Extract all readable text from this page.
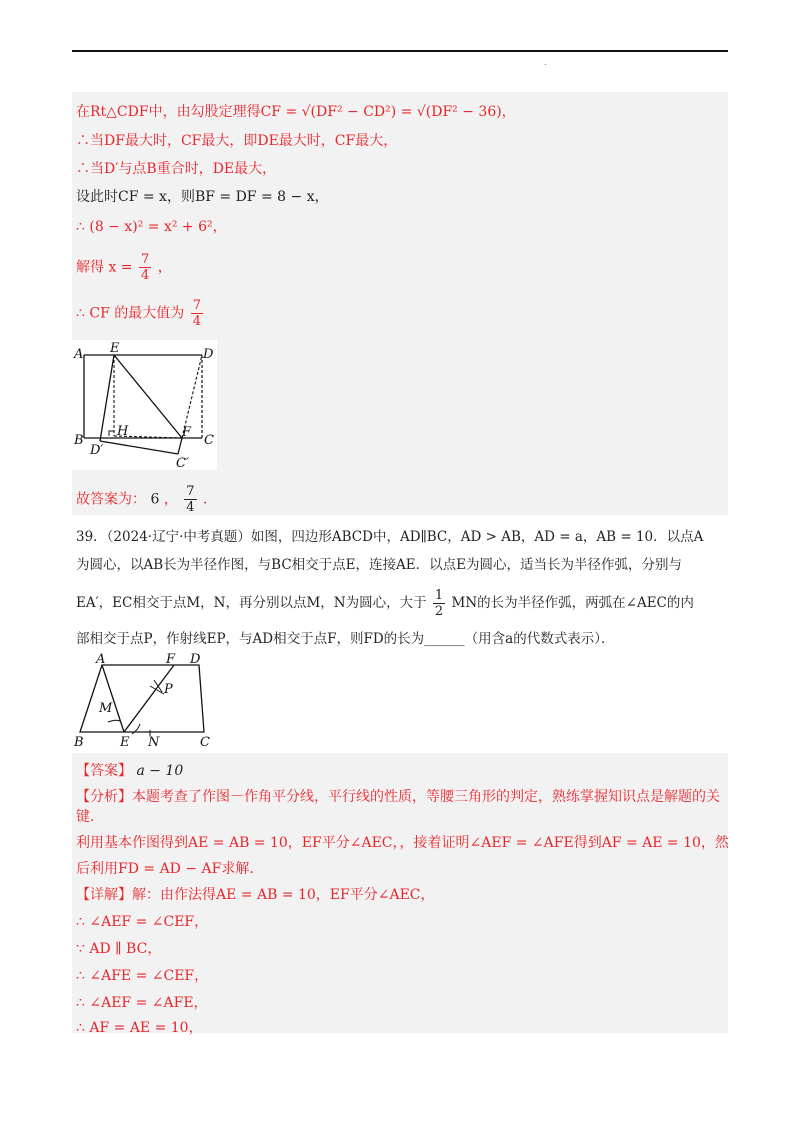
.
在Rt△CDF中，由勾股定理得CF = √(DF² − CD²) = √(DF² − 36)，
∴当DF最大时，CF最大，即DE最大时，CF最大，
∴当D′与点B重合时，DE最大，
设此时CF = x，则BF = DF = 8 − x，
∴ (8 − x)² = x² + 6²，
解得 $x = \frac{7}{4}$ ，
∴ CF 的最大值为 $\frac{7}{4}$
A E	D
B
H	F
C
D′
C′
故答案为： 6 ， $\frac{7}{4}$ ．
39．（2024·辽宁·中考真题）如图，四边形ABCD中，AD∥BC，AD > AB，AD = a，AB = 10．以点A
为圆心，以AB长为半径作图，与BC相交于点E，连接AE．以点E为圆心，适当长为半径作弧，分别与
EA′，EC相交于点M，N，再分别以点M，N为圆心，大于 $\frac{1}{2}$ MN的长为半径作弧，两弧在∠AEC的内
部相交于点P，作射线EP，与AD相交于点F，则FD的长为______（用含a的代数式表示）．
A	F D
P
M
B	E N	C
【答案】 a − 10
【分析】本题考查了作图－作角平分线，平行线的性质，等腰三角形的判定，熟练掌握知识点是解题的关
键．
利用基本作图得到AE = AB = 10，EF平分∠AEC，，接着证明∠AEF = ∠AFE得到AF = AE = 10，然
后利用FD = AD − AF求解．
【详解】解：由作法得AE = AB = 10，EF平分∠AEC，
∴ ∠AEF = ∠CEF，
∵ AD ∥ BC，
∴ ∠AFE = ∠CEF，
∴ ∠AEF = ∠AFE，
∴ AF = AE = 10，
